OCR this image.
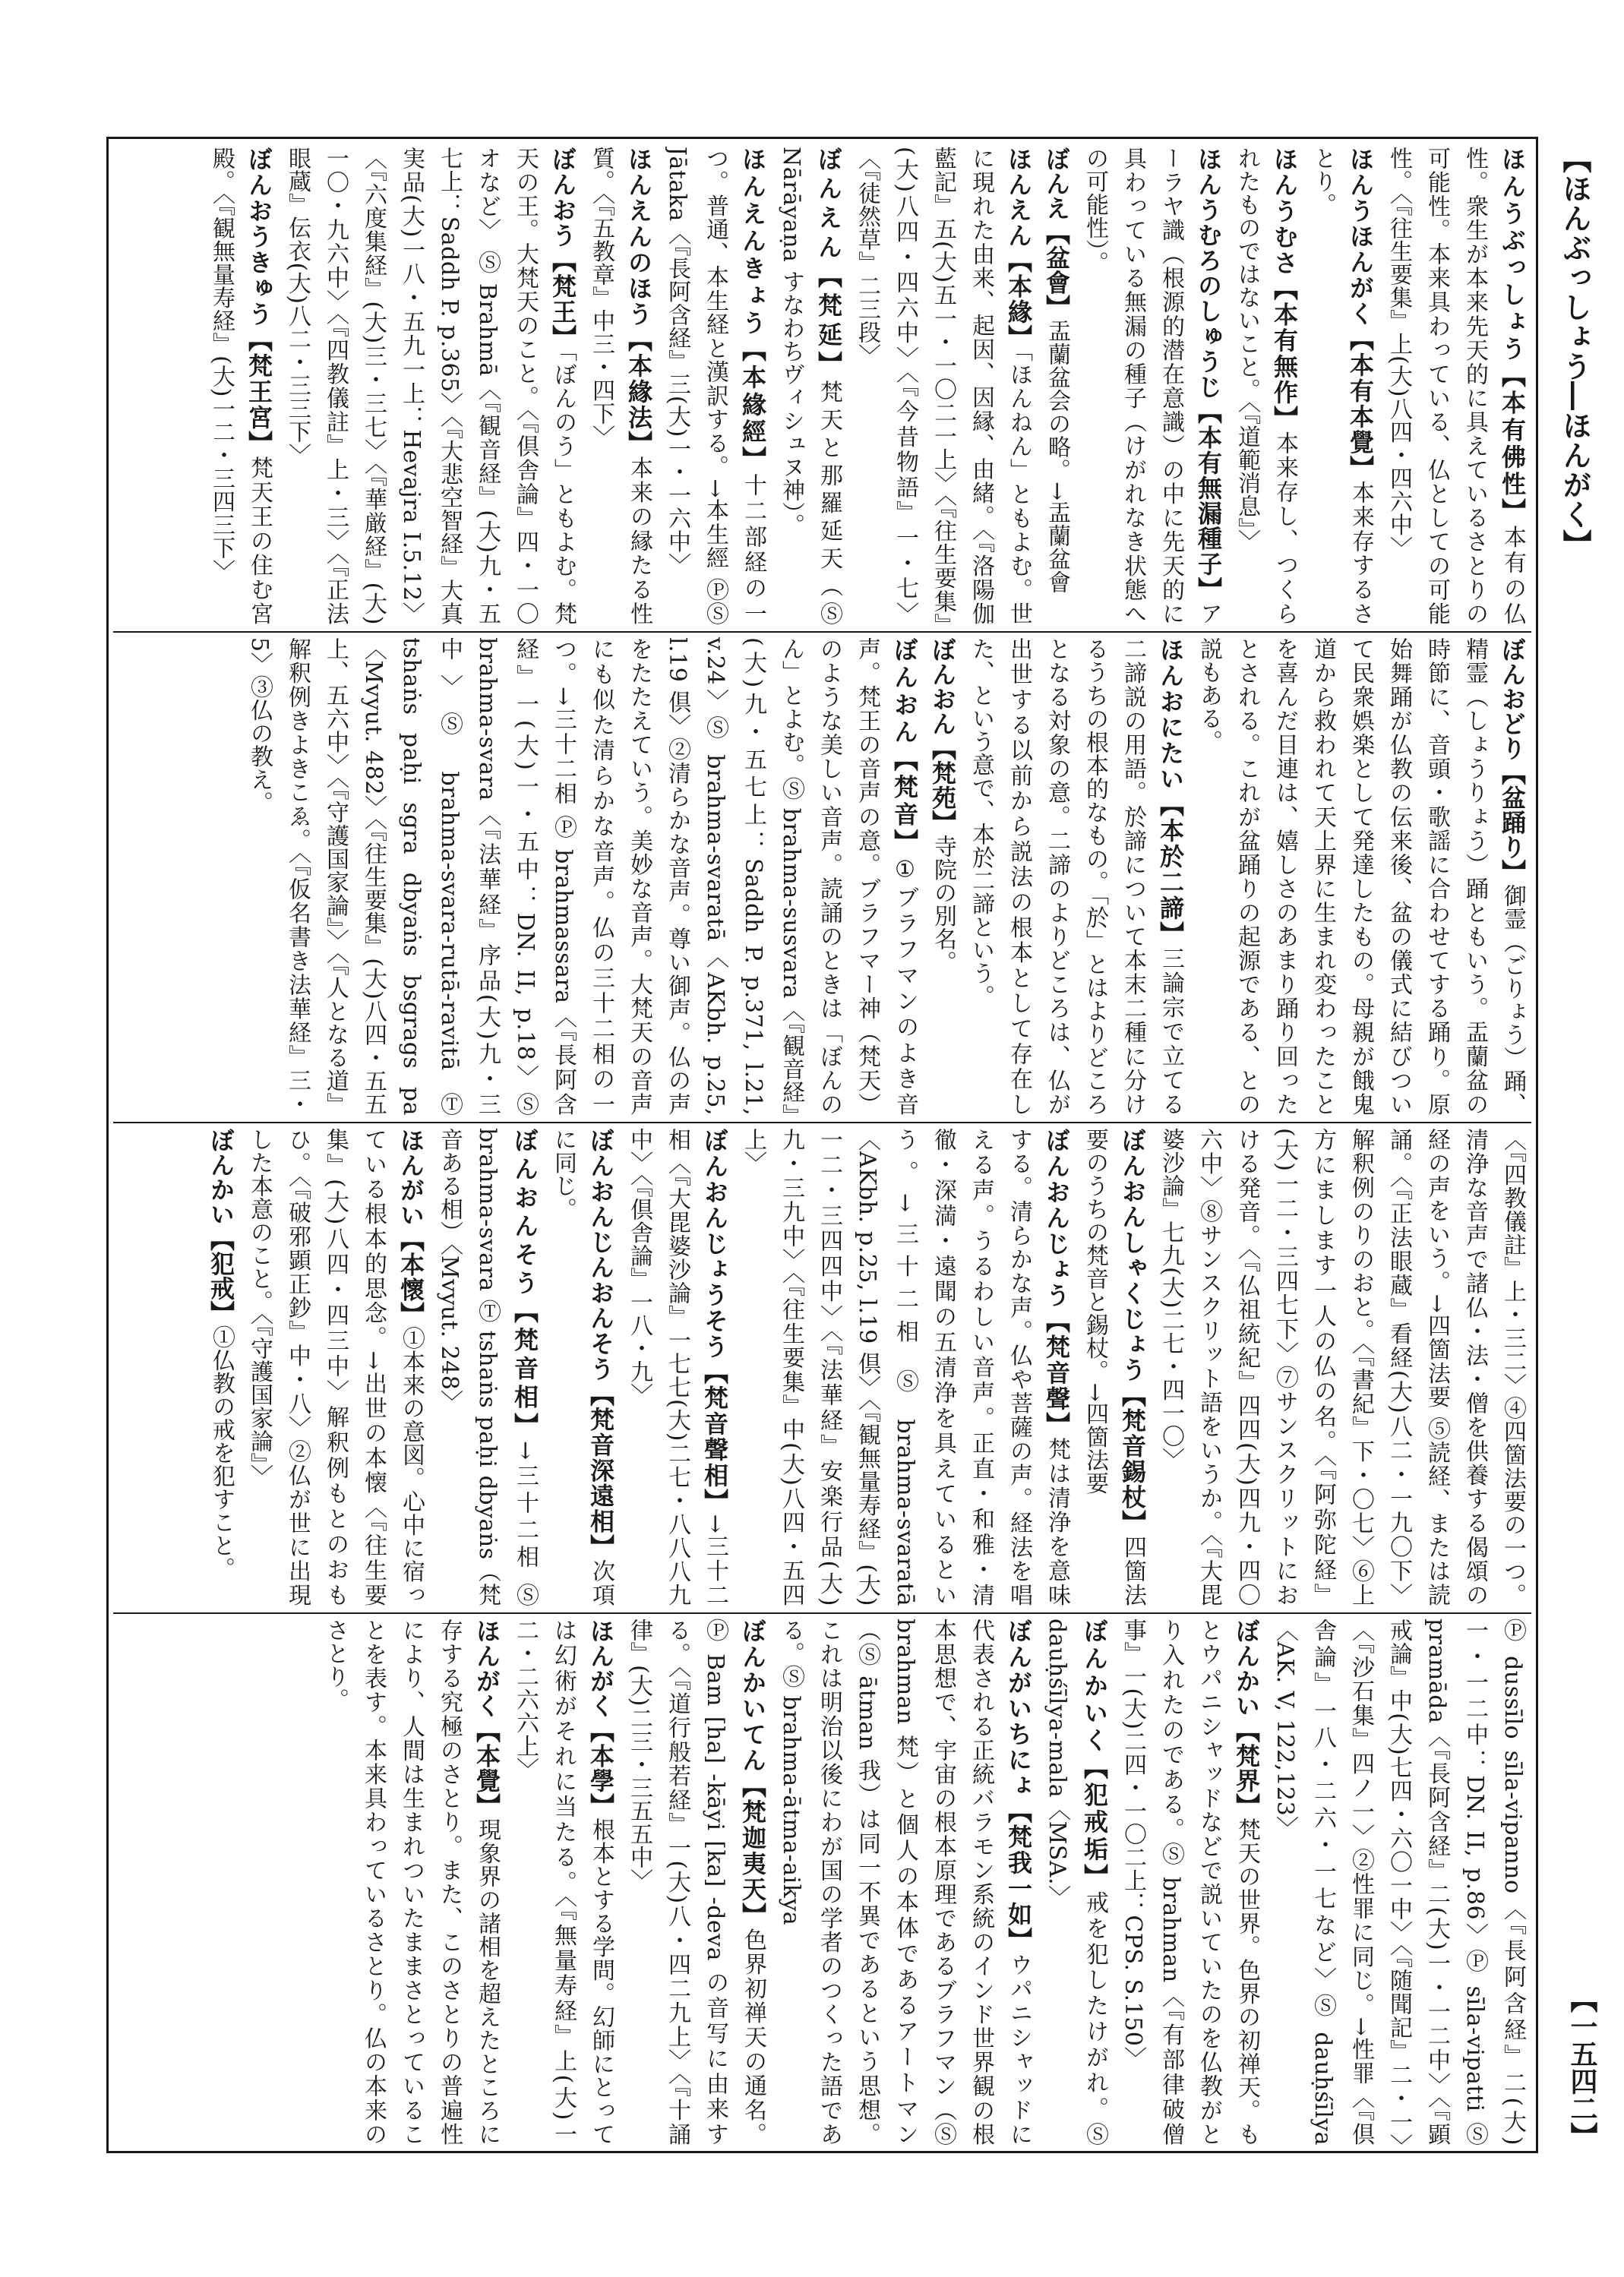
【ほんぶっしょう―ほんがく】

ほんうぶっしょう【本有佛性】本有の仏性。衆生が本来先天的に具えているさとりの可能性。本来具わっている、仏としての可能性。〈『往生要集』上(大)八四・四六中〉

ほんうほんがく【本有本覺】本来存するさとり。

ほんうむさ【本有無作】本来存し、つくられたものではないこと。〈『道範消息』〉

ほんうむろのしゅうじ【本有無漏種子】アーラヤ識（根源的潜在意識）の中に先天的に具わっている無漏の種子（けがれなき状態への可能性）。

ぼんえ【盆會】盂蘭盆会の略。→盂蘭盆會

ほんえん【本緣】「ほんねん」ともよむ。世に現れた由来、起因、因縁、由緒。〈『洛陽伽藍記』五(大)五一・一〇二一上〉〈『往生要集』(大)八四・四六中〉〈『今昔物語』一・七〉〈『徒然草』二三段〉

ぼんえん【梵延】梵天と那羅延天（Ⓢ Nārāyaṇa すなわちヴィシュヌ神）。

ほんえんきょう【本緣經】十二部経の一つ。普通、本生経と漢訳する。→本生經 ⓅⓈ Jātaka〈『長阿含経』三(大)一・一六中〉

ほんえんのほう【本緣法】本来の縁たる性質。〈『五教章』中三・四下〉

ぼんおう【梵王】「ぼんのう」ともよむ。梵天の王。大梵天のこと。〈『倶舎論』四・一〇オなど〉 Ⓢ Brahmā〈『観音経』(大)九・五七上：Saddh P. p.365〉〈『大悲空智経』大真実品(大)一八・五九一上：Hevajra I.5.12〉〈『六度集経』(大)三・三七〉〈『華厳経』(大)一〇・九六中〉〈『四教儀註』上・三〉〈『正法眼蔵』伝衣(大)八二・三三下〉

ぼんおうきゅう【梵王宮】梵天王の住む宮殿。〈『観無量寿経』(大)一二・三四三下〉

ぼんおどり【盆踊り】御霊（ごりょう）踊、精霊（しょうりょう）踊ともいう。盂蘭盆の時節に、音頭・歌謡に合わせてする踊り。原始舞踊が仏教の伝来後、盆の儀式に結びついて民衆娯楽として発達したもの。母親が餓鬼道から救われて天上界に生まれ変わったことを喜んだ目連は、嬉しさのあまり踊り回ったとされる。これが盆踊りの起源である、との説もある。

ほんおにたい【本於二諦】三論宗で立てる二諦説の用語。於諦について本末二種に分けるうちの根本的なもの。「於」とはよりどころとなる対象の意。二諦のよりどころは、仏が出世する以前から説法の根本として存在した、という意で、本於二諦という。

ぼんおん【梵苑】寺院の別名。

ぼんおん【梵音】①ブラフマンのよき音声。梵王の音声の意。ブラフマー神（梵天）のような美しい音声。読誦のときは「ぼんのん」とよむ。Ⓢ brahma-susvara〈『観音経』(大)九・五七上：Saddh P. p.371, l.21, v.24〉Ⓢ brahma-svaratā〈AKbh. p.25, l.19 倶〉②清らかな音声。尊い御声。仏の声をたたえていう。美妙な音声。大梵天の音声にも似た清らかな音声。仏の三十二相の一つ。→三十二相 Ⓟ brahmassara〈『長阿含経』一(大)一・五中：DN. II, p.18〉Ⓢ brahma-svara〈『法華経』序品(大)九・三中〉Ⓢ brahma-svara-rutā-ravitā Ⓣ tshaṅs paḥi sgra dbyaṅs bsgrags pa〈Mvyut. 482〉〈『往生要集』(大)八四・五五上、五六中〉〈『守護国家論』〉〈『人となる道』解釈例きよきこゑ。〈『仮名書き法華経』三・5〉③仏の教え。

〈『四教儀註』上・三二〉④四箇法要の一つ。清浄な音声で諸仏・法・僧を供養する偈頌の経の声をいう。→四箇法要 ⑤読経、または読誦。〈『正法眼蔵』看経(大)八二・一九〇下〉解釈例のりのおと。〈『書紀』下・〇七〉⑥上方にまします一人の仏の名。〈『阿弥陀経』(大)一二・三四七下〉⑦サンスクリットにおける発音。〈『仏祖統紀』四四(大)四九・四〇六中〉⑧サンスクリット語をいうか。〈『大毘婆沙論』七九(大)二七・四一〇〉

ぼんおんしゃくじょう【梵音錫杖】四箇法要のうちの梵音と錫杖。→四箇法要

ぼんおんじょう【梵音聲】梵は清浄を意味する。清らかな声。仏や菩薩の声。経法を唱える声。うるわしい音声。正直・和雅・清徹・深満・遠聞の五清浄を具えているという。→三十二相 Ⓢ brahma-svaratā〈AKbh. p.25, l.19 倶〉〈『観無量寿経』(大)一二・三四四中〉〈『法華経』安楽行品(大)九・三九中〉〈『往生要集』中(大)八四・五四上〉

ぼんおんじょうそう【梵音聲相】→三十二相〈『大毘婆沙論』一七七(大)二七・八八八九中〉〈『倶舎論』一八・九〉

ぼんおんじんおんそう【梵音深遠相】次項に同じ。

ぼんおんそう【梵音相】→三十二相 Ⓢ brahma-svara Ⓣ tshaṅs paḥi dbyaṅs（梵音ある相）〈Mvyut. 248〉

ほんがい【本懷】①本来の意図。心中に宿っている根本的思念。→出世の本懐〈『往生要集』(大)八四・四三中〉解釈例もとのおもひ。〈『破邪顕正鈔』中・八〉②仏が世に出現した本意のこと。〈『守護国家論』〉

ぼんかい【犯戒】①仏教の戒を犯すこと。

Ⓟ dussīlo sīla-vipanno〈『長阿含経』二(大)一・一二中：DN. II, p.86〉Ⓟ sīla-vipatti Ⓢ pramāda〈『長阿含経』二(大)一・一二中〉〈『顕戒論』中(大)七四・六〇一中〉〈『随聞記』二・一〉〈『沙石集』四ノ一〉②性罪に同じ。→性罪〈『倶舎論』一八・二六・一七など〉Ⓢ dauḥśīlya〈AK. V, 122,123〉

ぼんかい【梵界】梵天の世界。色界の初禅天。もとウパニシャッドなどで説いていたのを仏教がとり入れたのである。Ⓢ brahman〈『有部律破僧事』一(大)二四・一〇二上：CPS. S.150〉

ぼんかいく【犯戒垢】戒を犯したけがれ。Ⓢ dauḥśīlya-mala〈MSA.〉

ぼんがいちにょ【梵我一如】ウパニシャッドに代表される正統バラモン系統のインド世界観の根本思想で、宇宙の根本原理であるブラフマン（Ⓢ brahman 梵）と個人の本体であるアートマン（Ⓢ ātman 我）は同一不異であるという思想。これは明治以後にわが国の学者のつくった語である。Ⓢ brahma-ātma-aikya

ぼんかいてん【梵迦夷天】色界初禅天の通名。Ⓟ Bam [ha] -kāyi [ka] -deva の音写に由来する。〈『道行般若経』一(大)八・四二九上〉〈『十誦律』(大)二三・三五五中〉

ほんがく【本學】根本とする学問。幻師にとっては幻術がそれに当たる。〈『無量寿経』上(大)一二・二六六上〉

ほんがく【本覺】現象界の諸相を超えたところに存する究極のさとり。また、このさとりの普遍性により、人間は生まれついたままさとっていることを表す。本来具わっているさとり。仏の本来のさとり。

【一五四二】
